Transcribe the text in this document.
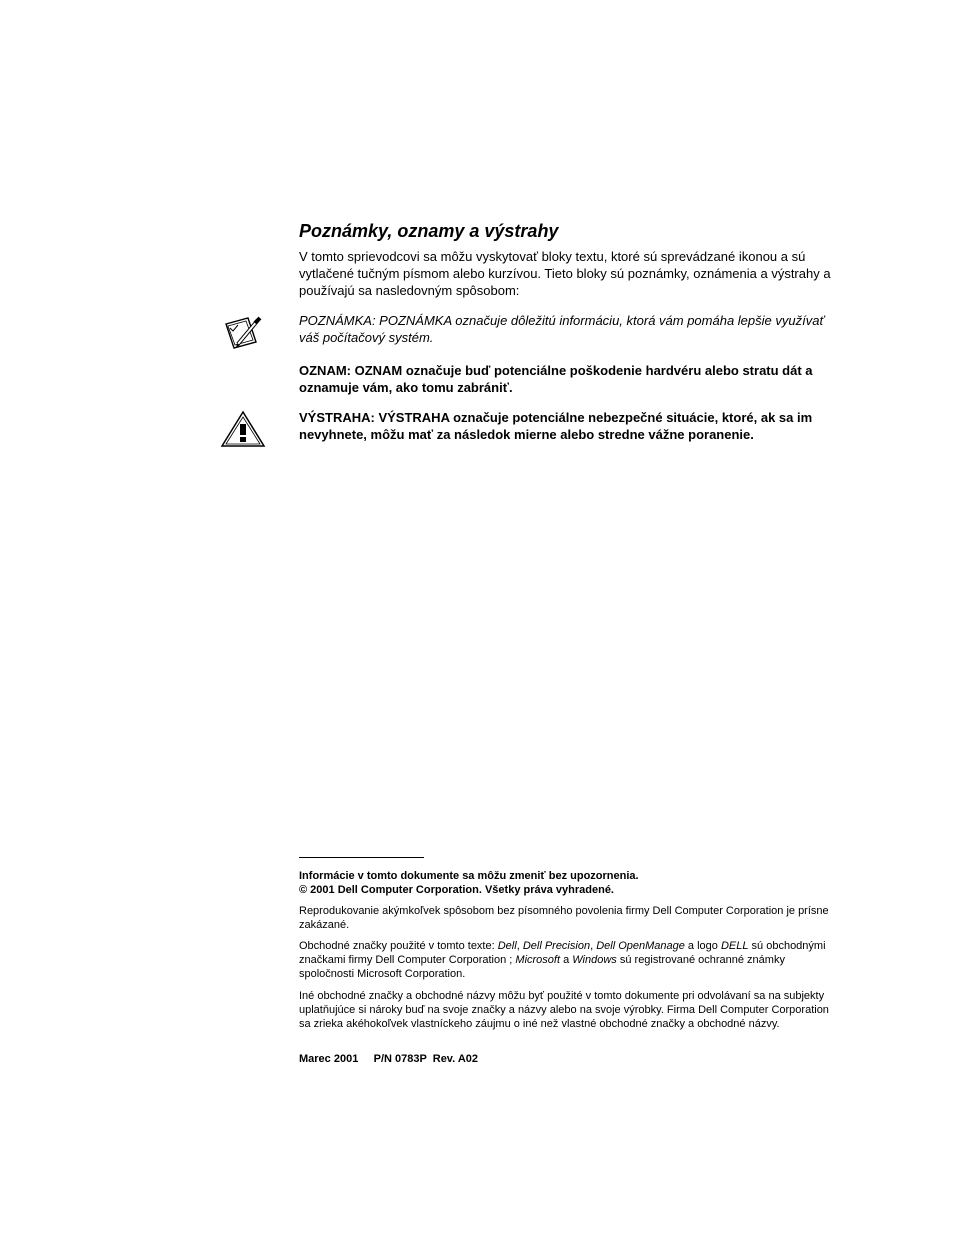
Poznámky, oznamy a výstrahy

V tomto sprievodcovi sa môžu vyskytovať bloky textu, ktoré sú sprevádzané ikonou a sú vytlačené tučným písmom alebo kurzívou. Tieto bloky sú poznámky, oznámenia a výstrahy a používajú sa nasledovným spôsobom:

POZNÁMKA: POZNÁMKA označuje dôležitú informáciu, ktorá vám pomáha lepšie využívať váš počítačový systém.

OZNAM: OZNAM označuje buď potenciálne poškodenie hardvéru alebo stratu dát a oznamuje vám, ako tomu zabrániť.

VÝSTRAHA: VÝSTRAHA označuje potenciálne nebezpečné situácie, ktoré, ak sa im nevyhnete, môžu mať za následok mierne alebo stredne vážne poranenie.

Informácie v tomto dokumente sa môžu zmeniť bez upozornenia.
© 2001 Dell Computer Corporation. Všetky práva vyhradené.

Reprodukovanie akýmkoľvek spôsobom bez písomného povolenia firmy Dell Computer Corporation je prísne zakázané.

Obchodné značky použité v tomto texte: Dell, Dell Precision, Dell OpenManage a logo DELL sú obchodnými značkami firmy Dell Computer Corporation ; Microsoft a Windows sú registrované ochranné známky spoločnosti Microsoft Corporation.

Iné obchodné značky a obchodné názvy môžu byť použité v tomto dokumente pri odvolávaní sa na subjekty uplatňujúce si nároky buď na svoje značky a názvy alebo na svoje výrobky. Firma Dell Computer Corporation sa zrieka akéhokoľvek vlastníckeho záujmu o iné než vlastné obchodné značky a obchodné názvy.

Marec 2001 P/N 0783P Rev. A02
